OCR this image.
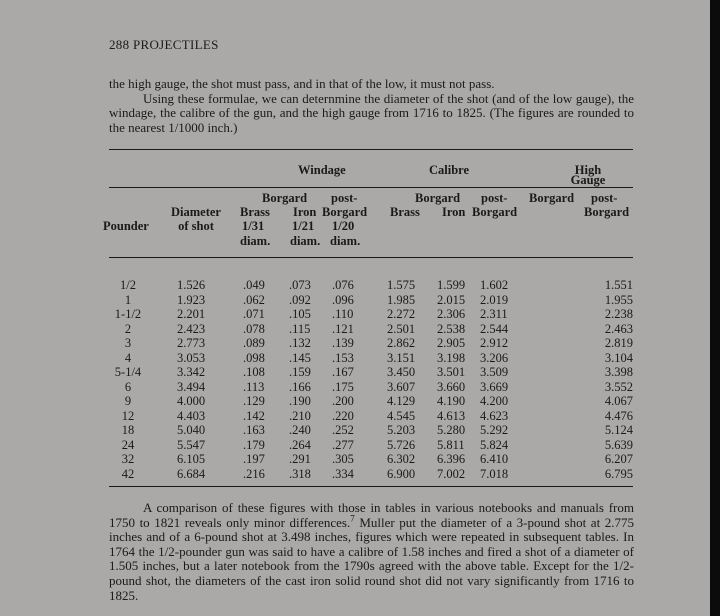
288 PROJECTILES
the high gauge, the shot must pass, and in that of the low, it must not pass.
Using these formulae, we can deternmine the diameter of the shot (and of the low gauge), the windage, the calibre of the gun, and the high gauge from 1716 to 1825. (The figures are rounded to the nearest 1/1000 inch.)
Windage	Calibre	High
Gauge
Pounder
Diameter
of shot
Borgard post-
Brass Iron Borgard
1/31 1/21 1/20
diam. diam. diam.
Borgard post-
Brass Iron Borgard
Borgard post-
Borgard
1/2
1
1-1/2
2
3
4
5-1/4
6
9
12
18
24
32
42
1.526
1.923
2.201
2.423
2.773
3.053
3.342
3.494
4.000
4.403
5.040
5.547
6.105
6.684
.049
.062
.071
.078
.089
.098
.108
.113
.129
.142
.163
.179
.197
.216
.073
.092
.105
.115
.132
.145
.159
.166
.190
.210
.240
.264
.291
.318
.076
.096
.110
.121
.139
.153
.167
.175
.200
.220
.252
.277
.305
.334
1.575
1.985
2.272
2.501
2.862
3.151
3.450
3.607
4.129
4.545
5.203
5.726
6.302
6.900
1.599
2.015
2.306
2.538
2.905
3.198
3.501
3.660
4.190
4.613
5.280
5.811
6.396
7.002
1.602
2.019
2.311
2.544
2.912
3.206
3.509
3.669
4.200
4.623
5.292
5.824
6.410
7.018
1.551
1.955
2.238
2.463
2.819
3.104
3.398
3.552
4.067
4.476
5.124
5.639
6.207
6.795
A comparison of these figures with those in tables in various notebooks and manuals from 1750 to 1821 reveals only minor differences.$^7$ Muller put the diameter of a 3-pound shot at 2.775 inches and of a 6-pound shot at 3.498 inches, figures which were repeated in subsequent tables. In 1764 the 1/2-pounder gun was said to have a calibre of 1.58 inches and fired a shot of a diameter of 1.505 inches, but a later notebook from the 1790s agreed with the above table. Except for the 1/2-pound shot, the diameters of the cast iron solid round shot did not vary significantly from 1716 to 1825.
